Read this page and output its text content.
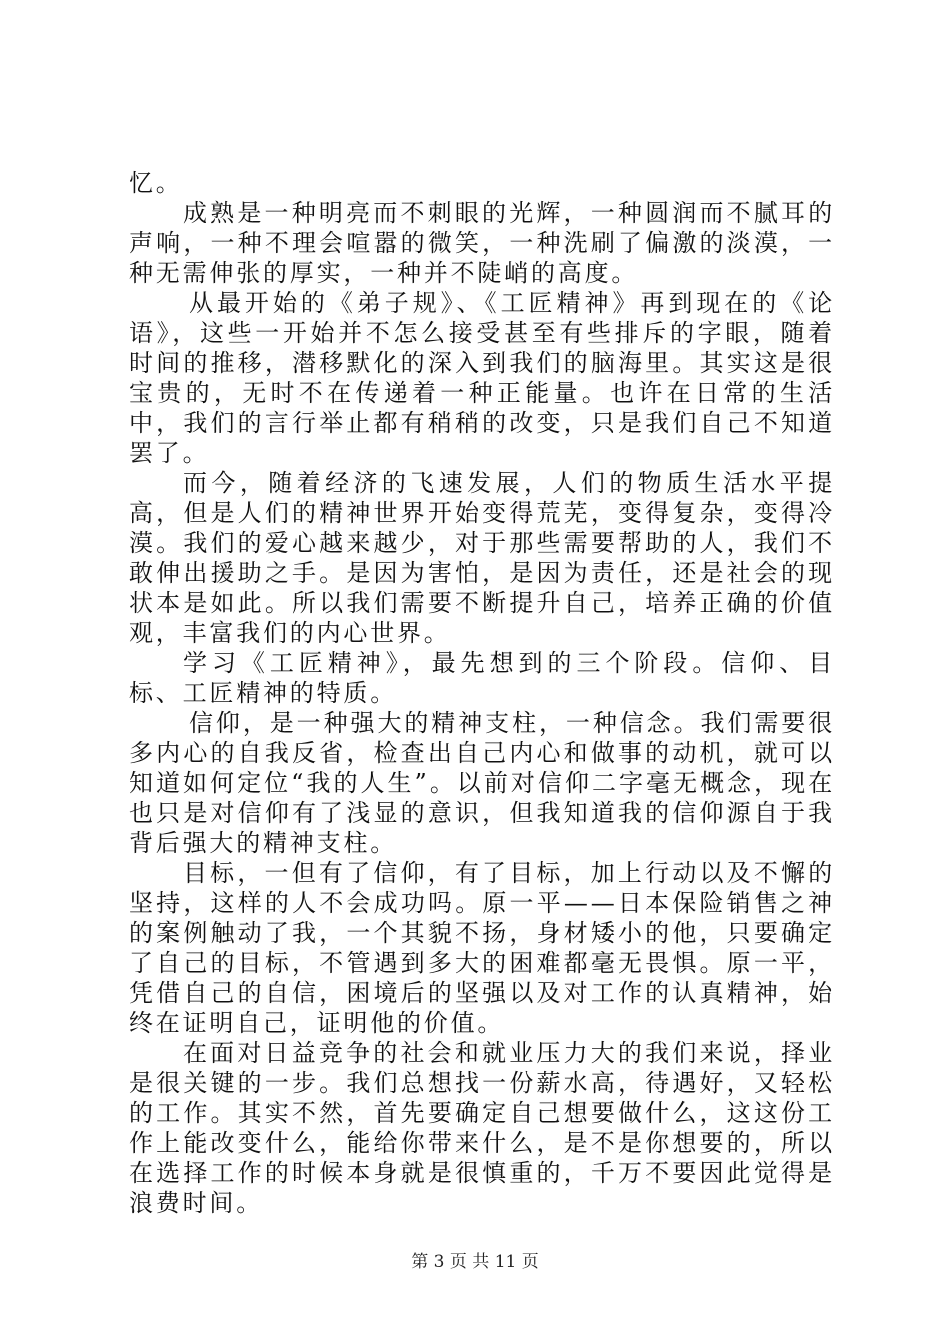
忆。

成熟是一种明亮而不刺眼的光辉，一种圆润而不腻耳的声响，一种不理会喧嚣的微笑，一种洗刷了偏激的淡漠，一种无需伸张的厚实，一种并不陡峭的高度。

从最开始的《弟子规》、《工匠精神》再到现在的《论语》，这些一开始并不怎么接受甚至有些排斥的字眼，随着时间的推移，潜移默化的深入到我们的脑海里。其实这是很宝贵的，无时不在传递着一种正能量。也许在日常的生活中，我们的言行举止都有稍稍的改变，只是我们自己不知道罢了。

而今，随着经济的飞速发展，人们的物质生活水平提高，但是人们的精神世界开始变得荒芜，变得复杂，变得冷漠。我们的爱心越来越少，对于那些需要帮助的人，我们不敢伸出援助之手。是因为害怕，是因为责任，还是社会的现状本是如此。所以我们需要不断提升自己，培养正确的价值观，丰富我们的内心世界。

学习《工匠精神》，最先想到的三个阶段。信仰、目标、工匠精神的特质。

信仰，是一种强大的精神支柱，一种信念。我们需要很多内心的自我反省，检查出自己内心和做事的动机，就可以知道如何定位“我的人生”。以前对信仰二字毫无概念，现在也只是对信仰有了浅显的意识，但我知道我的信仰源自于我背后强大的精神支柱。

目标，一但有了信仰，有了目标，加上行动以及不懈的坚持，这样的人不会成功吗。原一平——日本保险销售之神的案例触动了我，一个其貌不扬，身材矮小的他，只要确定了自己的目标，不管遇到多大的困难都毫无畏惧。原一平，凭借自己的自信，困境后的坚强以及对工作的认真精神，始终在证明自己，证明他的价值。

在面对日益竞争的社会和就业压力大的我们来说，择业是很关键的一步。我们总想找一份薪水高，待遇好，又轻松的工作。其实不然，首先要确定自己想要做什么，这这份工作上能改变什么，能给你带来什么，是不是你想要的，所以在选择工作的时候本身就是很慎重的，千万不要因此觉得是浪费时间。

第 3 页 共 11 页
